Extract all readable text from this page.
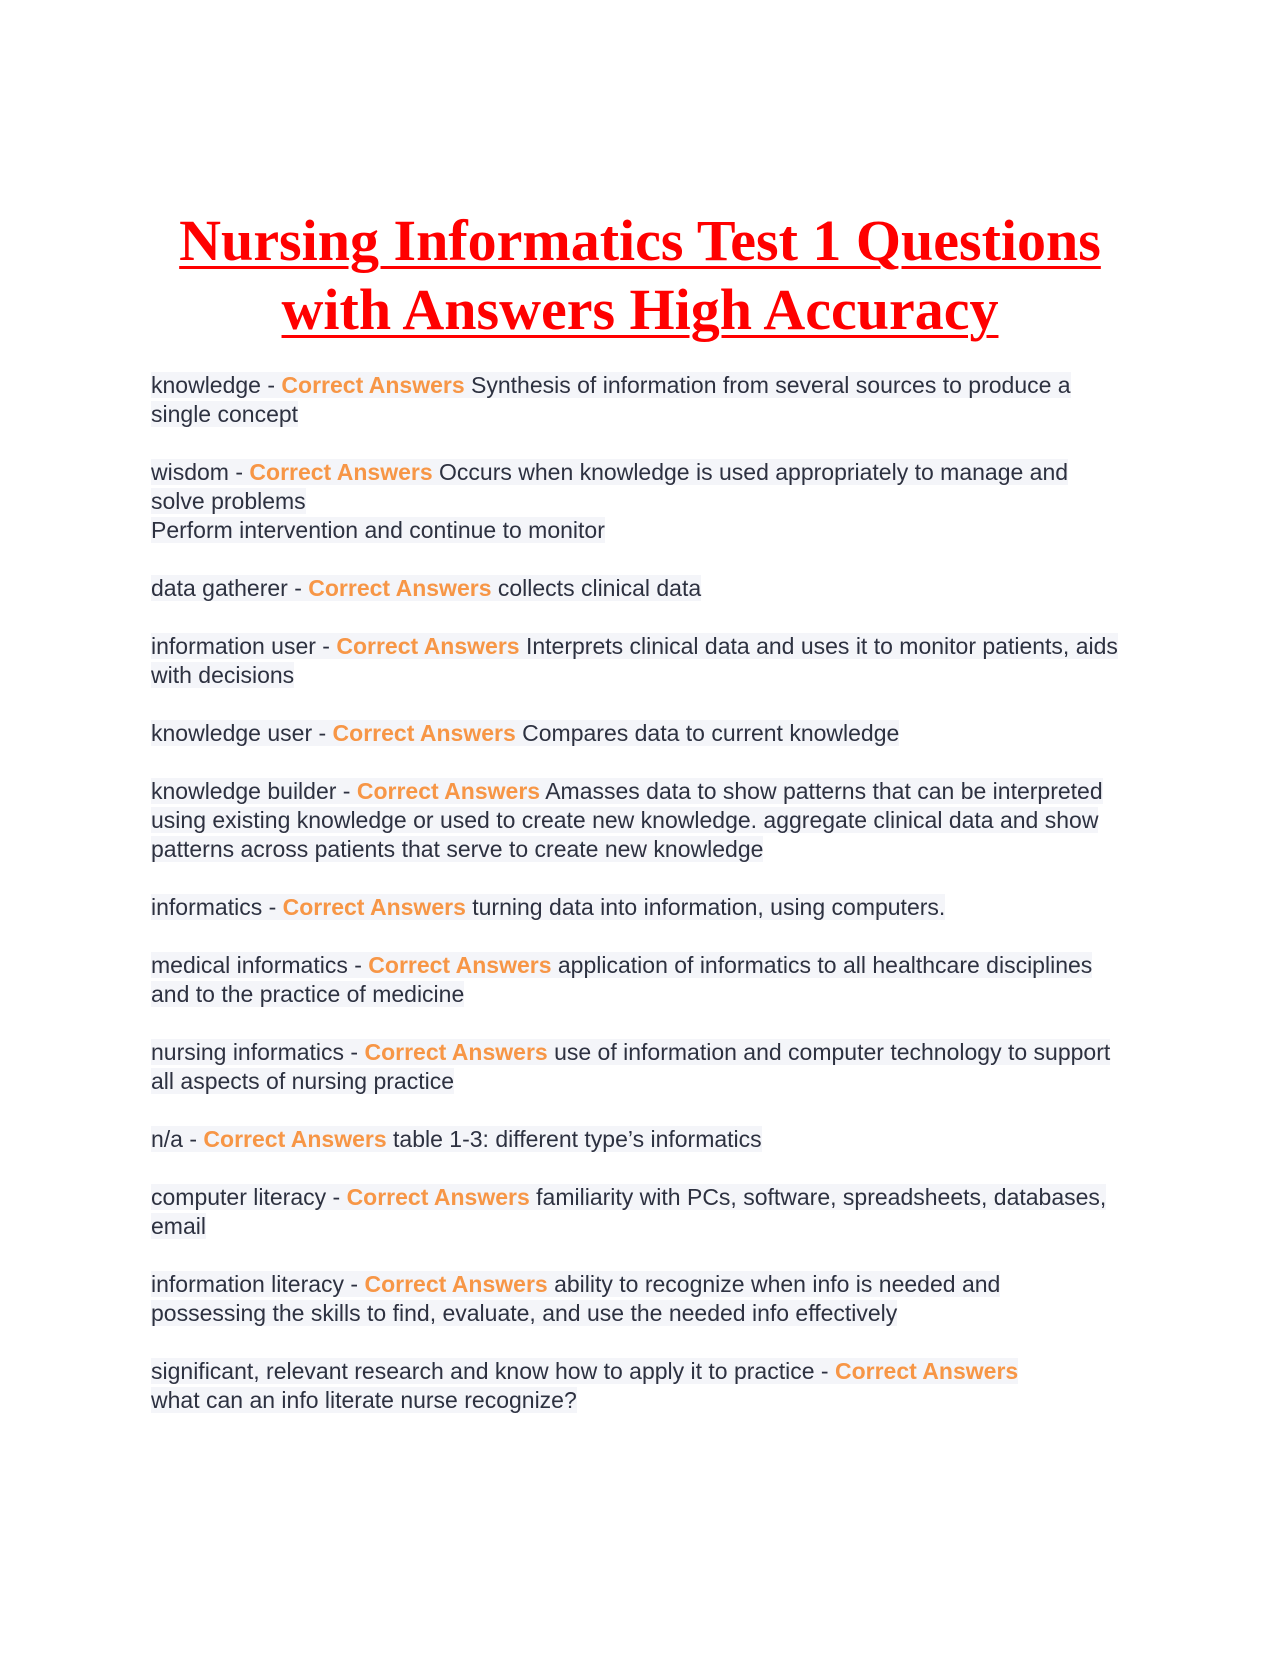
Nursing Informatics Test 1 Questions with Answers High Accuracy

knowledge - Correct Answers Synthesis of information from several sources to produce a single concept

wisdom - Correct Answers Occurs when knowledge is used appropriately to manage and solve problems
Perform intervention and continue to monitor

data gatherer - Correct Answers collects clinical data

information user - Correct Answers Interprets clinical data and uses it to monitor patients, aids with decisions

knowledge user - Correct Answers Compares data to current knowledge

knowledge builder - Correct Answers Amasses data to show patterns that can be interpreted using existing knowledge or used to create new knowledge. aggregate clinical data and show patterns across patients that serve to create new knowledge

informatics - Correct Answers turning data into information, using computers.

medical informatics - Correct Answers application of informatics to all healthcare disciplines and to the practice of medicine

nursing informatics - Correct Answers use of information and computer technology to support all aspects of nursing practice

n/a - Correct Answers table 1-3: different type’s informatics

computer literacy - Correct Answers familiarity with PCs, software, spreadsheets, databases, email

information literacy - Correct Answers ability to recognize when info is needed and possessing the skills to find, evaluate, and use the needed info effectively

significant, relevant research and know how to apply it to practice - Correct Answers
what can an info literate nurse recognize?
